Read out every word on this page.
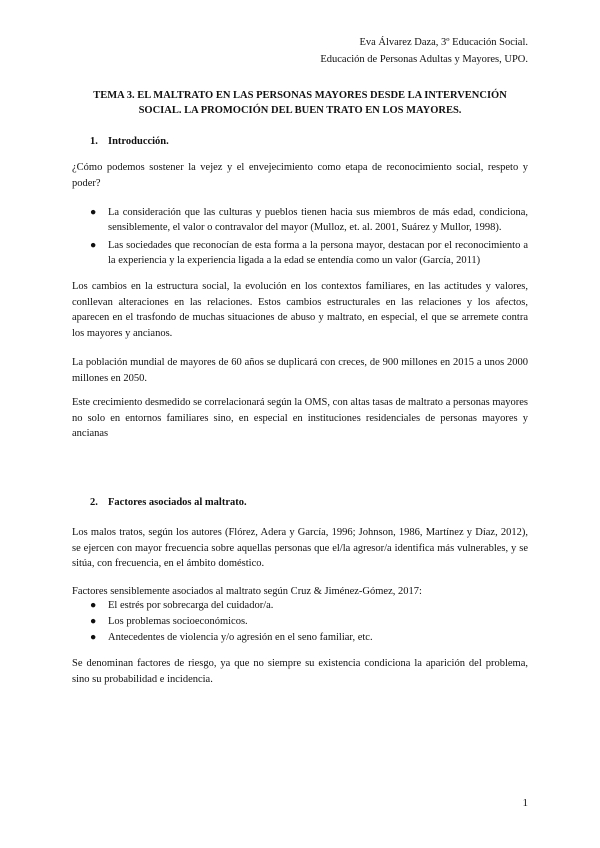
Eva Álvarez Daza, 3º Educación Social.
Educación de Personas Adultas y Mayores, UPO.
TEMA 3. EL MALTRATO EN LAS PERSONAS MAYORES DESDE LA INTERVENCIÓN
SOCIAL. LA PROMOCIÓN DEL BUEN TRATO EN LOS MAYORES.
1. Introducción.
¿Cómo podemos sostener la vejez y el envejecimiento como etapa de reconocimiento social, respeto y poder?
● La consideración que las culturas y pueblos tienen hacia sus miembros de más edad, condiciona, sensiblemente, el valor o contravalor del mayor (Mulloz, et. al. 2001, Suárez y Mullor, 1998).
● Las sociedades que reconocían de esta forma a la persona mayor, destacan por el reconocimiento a la experiencia y la experiencia ligada a la edad se entendía como un valor (García, 2011)
Los cambios en la estructura social, la evolución en los contextos familiares, en las actitudes y valores, conllevan alteraciones en las relaciones. Estos cambios estructurales en las relaciones y los afectos, aparecen en el trasfondo de muchas situaciones de abuso y maltrato, en especial, el que se arremete contra los mayores y ancianos.
La población mundial de mayores de 60 años se duplicará con creces, de 900 millones en 2015 a unos 2000 millones en 2050.
Este crecimiento desmedido se correlacionará según la OMS, con altas tasas de maltrato a personas mayores no solo en entornos familiares sino, en especial en instituciones residenciales de personas mayores y ancianas
2. Factores asociados al maltrato.
Los malos tratos, según los autores (Flórez, Adera y García, 1996; Johnson, 1986, Martínez y Díaz, 2012), se ejercen con mayor frecuencia sobre aquellas personas que el/la agresor/a identifica más vulnerables, y se sitúa, con frecuencia, en el ámbito doméstico.
Factores sensiblemente asociados al maltrato según Cruz & Jiménez-Gómez, 2017:
● El estrés por sobrecarga del cuidador/a.
● Los problemas socioeconómicos.
● Antecedentes de violencia y/o agresión en el seno familiar, etc.
Se denominan factores de riesgo, ya que no siempre su existencia condiciona la aparición del problema, sino su probabilidad e incidencia.
1
